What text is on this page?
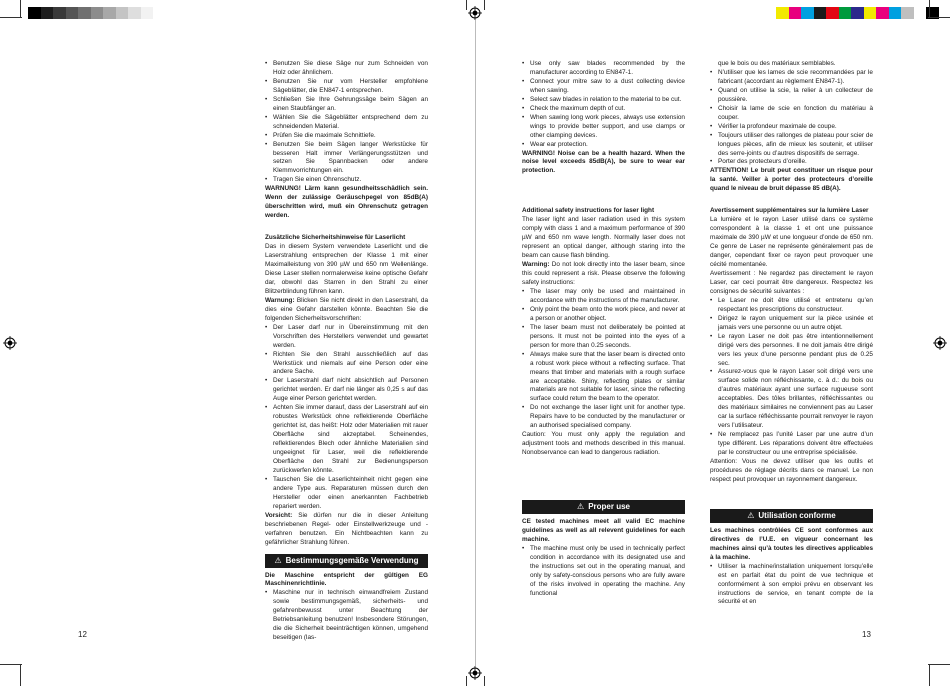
• Benutzen Sie diese Säge nur zum Schneiden von Holz oder ähnlichem.
• Benutzen Sie nur vom Hersteller empfohlene Sägeblätter, die EN847-1 entsprechen.
• Schließen Sie Ihre Gehrungssäge beim Sägen an einen Staubfänger an.
• Wählen Sie die Sägeblätter entsprechend dem zu schneidenden Material.
• Prüfen Sie die maximale Schnittiefe.
• Benutzen Sie beim Sägen langer Werkstücke für besseren Halt immer Verlängerungsstützen und setzen Sie Spannbacken oder andere Klemmvorrichtungen ein.
• Tragen Sie einen Ohrenschutz.

WARNUNG! Lärm kann gesundheitsschädlich sein. Wenn der zulässige Geräuschpegel von 85dB(A) überschritten wird, muß ein Ohrenschutz getragen werden.

Zusätzliche Sicherheitshinweise für Laserlicht

Das in diesem System verwendete Laserlicht und die Laserstrahlung entsprechen der Klasse 1 mit einer Maximalleistung von 390 µW und 650 nm Wellenlänge. Diese Laser stellen normalerweise keine optische Gefahr dar, obwohl das Starren in den Strahl zu einer Blitzerblindung führen kann.

Warnung: Blicken Sie nicht direkt in den Laserstrahl, da dies eine Gefahr darstellen könnte. Beachten Sie die folgenden Sicherheitsvorschriften:

• Der Laser darf nur in Übereinstimmung mit den Vorschriften des Herstellers verwendet und gewartet werden.
• Richten Sie den Strahl ausschließlich auf das Werkstück und niemals auf eine Person oder eine andere Sache.
• Der Laserstrahl darf nicht absichtlich auf Personen gerichtet werden. Er darf nie länger als 0,25 s auf das Auge einer Person gerichtet werden.
• Achten Sie immer darauf, dass der Laserstrahl auf ein robustes Werkstück ohne reflektierende Oberfläche gerichtet ist, das heißt: Holz oder Materialien mit rauer Oberfläche sind akzeptabel. Scheinendes, reflektierendes Blech oder ähnliche Materialien sind ungeeignet für Laser, weil die reflektierende Oberfläche den Strahl zur Bedienungsperson zurückwerfen könnte.
• Tauschen Sie die Laserlichteinheit nicht gegen eine andere Type aus. Reparaturen müssen durch den Hersteller oder einen anerkannten Fachbetrieb repariert werden.

Vorsicht: Sie dürfen nur die in dieser Anleitung beschriebenen Regel- oder Einstellwerkzeuge und -verfahren benutzen. Ein Nichtbeachten kann zu gefährlicher Strahlung führen.

⚠ Bestimmungsgemäße Verwendung

Die Maschine entspricht der gültigen EG Maschinenrichtlinie.

• Maschine nur in technisch einwandfreiem Zustand sowie bestimmungsgemäß, sicherheits- und gefahrenbewusst unter Beachtung der Betriebsanleitung benutzen! Insbesondere Störungen, die die Sicherheit beeinträchtigen können, umgehend beseitigen (las-
• Use only saw blades recommended by the manufacturer according to EN847-1.
• Connect your mitre saw to a dust collecting device when sawing.
• Select saw blades in relation to the material to be cut.
• Check the maximum depth of cut.
• When sawing long work pieces, always use extension wings to provide better support, and use clamps or other clamping devices.
• Wear ear protection.

WARNING! Noise can be a health hazard. When the noise level exceeds 85dB(A), be sure to wear ear protection.

Additional safety instructions for laser light

The laser light and laser radiation used in this system comply with class 1 and a maximum performance of 390 µW and 650 nm wave length. Normally laser does not represent an optical danger, although staring into the beam can cause flash blinding.

Warning: Do not look directly into the laser beam, since this could represent a risk. Please observe the following safety instructions:

• The laser may only be used and maintained in accordance with the instructions of the manufacturer.
• Only point the beam onto the work piece, and never at a person or another object.
• The laser beam must not deliberately be pointed at persons. It must not be pointed into the eyes of a person for more than 0.25 seconds.
• Always make sure that the laser beam is directed onto a robust work piece without a reflecting surface. That means that timber and materials with a rough surface are acceptable. Shiny, reflecting plates or similar materials are not suitable for laser, since the reflecting surface could return the beam to the operator.
• Do not exchange the laser light unit for another type. Repairs have to be conducted by the manufacturer or an authorised specialised company.

Caution: You must only apply the regulation and adjustment tools and methods described in this manual. Nonobservance can lead to dangerous radiation.

⚠ Proper use

CE tested machines meet all valid EC machine guidelines as well as all relevent guidelines for each machine.

• The machine must only be used in technically perfect condition in accordance with its designated use and the instructions set out in the operating manual, and only by safety-conscious persons who are fully aware of the risks involved in operating the machine. Any functional

que le bois ou des matériaux semblables.

• N’utiliser que les lames de scie recommandées par le fabricant (accordant au règlement EN847-1).
• Quand on utilise la scie, la relier à un collecteur de poussière.
• Choisir la lame de scie en fonction du matériau à couper.
• Vérifier la profondeur maximale de coupe.
• Toujours utiliser des rallonges de plateau pour scier de longues pièces, afin de mieux les soutenir, et utiliser des serre-joints ou d’autres dispositifs de serrage.
• Porter des protecteurs d’oreille.

ATTENTION! Le bruit peut constituer un risque pour la santé. Veiller à porter des protecteurs d’oreille quand le niveau de bruit dépasse 85 dB(A).

Avertissement supplémentaires sur la lumière Laser

La lumière et le rayon Laser utilisé dans ce système correspondent à la classe 1 et ont une puissance maximale de 390 µW et une longueur d’onde de 650 nm. Ce genre de Laser ne représente généralement pas de danger, cependant fixer ce rayon peut provoquer une cécité momentanée.

Avertissement : Ne regardez pas directement le rayon Laser, car ceci pourrait être dangereux. Respectez les consignes de sécurité suivantes :

• Le Laser ne doit être utilisé et entretenu qu’en respectant les prescriptions du constructeur.
• Dirigez le rayon uniquement sur la pièce usinée et jamais vers une personne ou un autre objet.
• Le rayon Laser ne doit pas être intentionnellement dirigé vers des personnes. Il ne doit jamais être dirigé vers les yeux d’une personne pendant plus de 0.25 sec.
• Assurez-vous que le rayon Laser soit dirigé vers une surface solide non réfléchissante, c. à d.: du bois ou d’autres matériaux ayant une surface rugueuse sont acceptables. Des tôles brillantes, réfléchissantes ou des matériaux similaires ne conviennent pas au Laser car la surface réfléchissante pourrait renvoyer le rayon vers l’utilisateur.
• Ne remplacez pas l’unité Laser par une autre d’un type différent. Les réparations doivent être effectuées par le constructeur ou une entreprise spécialisée.

Attention: Vous ne devez utiliser que les outils et procédures de réglage décrits dans ce manuel. Le non respect peut provoquer un rayonnement dangereux.

⚠ Utilisation conforme

Les machines contrôlées CE sont conformes aux directives de l’U.E. en vigueur concernant les machines ainsi qu’à toutes les directives applicables à la machine.

• Utiliser la machine/installation uniquement lorsqu’elle est en parfait état du point de vue technique et conformément à son emploi prévu en observant les instructions de service, en tenant compte de la sécurité et en
12	13
